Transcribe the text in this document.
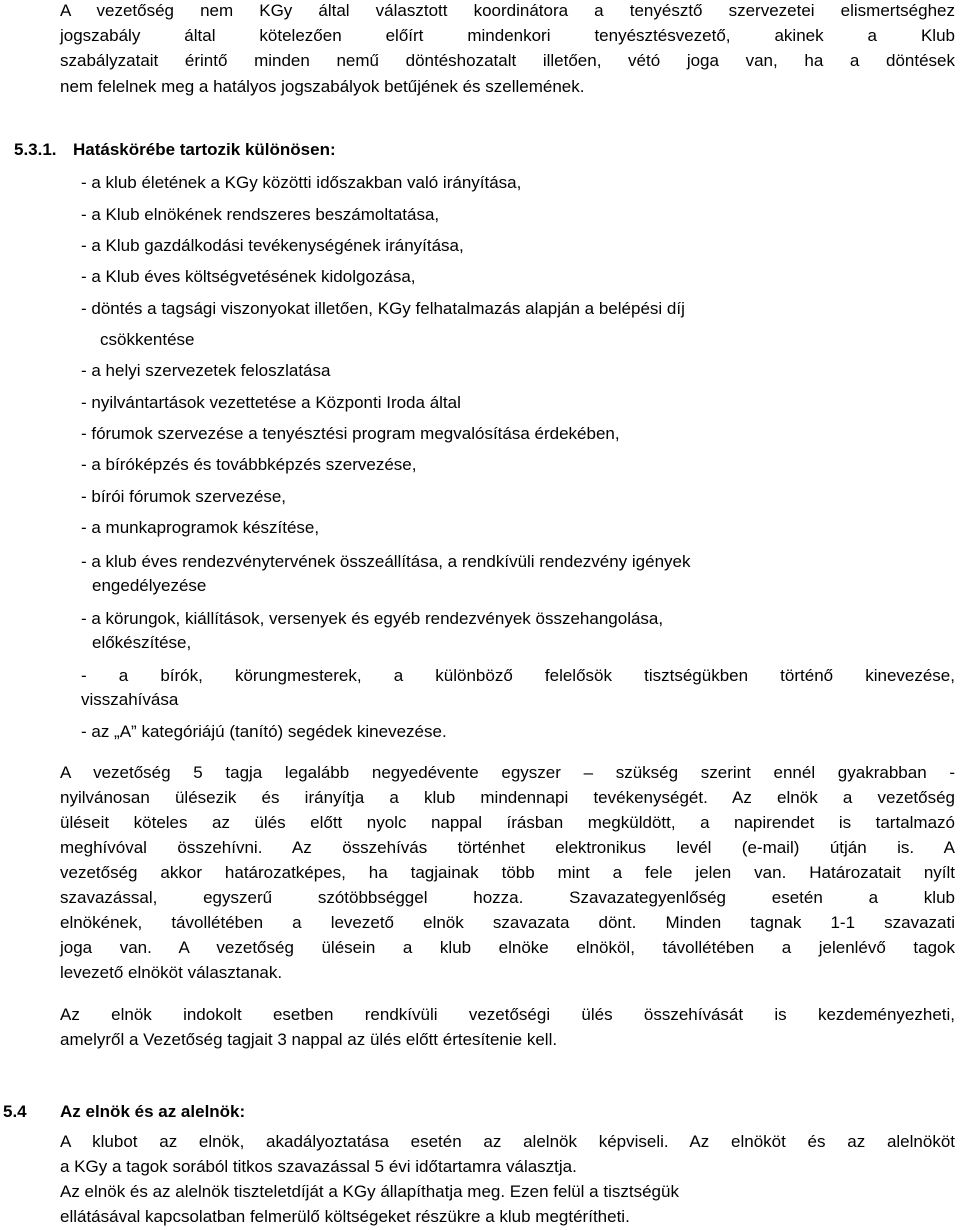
A vezetőség nem KGy által választott koordinátora a tenyésztő szervezetei elismertséghez
jogszabály által kötelezően előírt mindenkori tenyésztésvezető, akinek a Klub
szabályzatait érintő minden nemű döntéshozatalt illetően, vétó joga van, ha a döntések
nem felelnek meg a hatályos jogszabályok betűjének és szellemének.
5.3.1. Hatáskörébe tartozik különösen:
- a klub életének a KGy közötti időszakban való irányítása,
- a Klub elnökének rendszeres beszámoltatása,
- a Klub gazdálkodási tevékenységének irányítása,
- a Klub éves költségvetésének kidolgozása,
- döntés a tagsági viszonyokat illetően, KGy felhatalmazás alapján a belépési díj
csökkentése
- a helyi szervezetek feloszlatása
- nyilvántartások vezettetése a Központi Iroda által
- fórumok szervezése a tenyésztési program megvalósítása érdekében,
- a bíróképzés és továbbképzés szervezése,
- bírói fórumok szervezése,
- a munkaprogramok készítése,
- a klub éves rendezvénytervének összeállítása, a rendkívüli rendezvény igények
engedélyezése
- a körungok, kiállítások, versenyek és egyéb rendezvények összehangolása,
előkészítése,
- a bírók, körungmesterek, a különböző felelősök tisztségükben történő kinevezése,
visszahívása
- az „A” kategóriájú (tanító) segédek kinevezése.
A vezetőség 5 tagja legalább negyedévente egyszer – szükség szerint ennél gyakrabban -
nyilvánosan ülésezik és irányítja a klub mindennapi tevékenységét. Az elnök a vezetőség
üléseit köteles az ülés előtt nyolc nappal írásban megküldött, a napirendet is tartalmazó
meghívóval összehívni. Az összehívás történhet elektronikus levél (e-mail) útján is. A
vezetőség akkor határozatképes, ha tagjainak több mint a fele jelen van. Határozatait nyílt
szavazással, egyszerű szótöbbséggel hozza. Szavazategyenlőség esetén a klub
elnökének, távollétében a levezető elnök szavazata dönt. Minden tagnak 1-1 szavazati
joga van. A vezetőség ülésein a klub elnöke elnököl, távollétében a jelenlévő tagok
levezető elnököt választanak.
Az elnök indokolt esetben rendkívüli vezetőségi ülés összehívását is kezdeményezheti,
amelyről a Vezetőség tagjait 3 nappal az ülés előtt értesítenie kell.
5.4 Az elnök és az alelnök:
A klubot az elnök, akadályoztatása esetén az alelnök képviseli. Az elnököt és az alelnököt
a KGy a tagok sorából titkos szavazással 5 évi időtartamra választja.
Az elnök és az alelnök tiszteletdíját a KGy állapíthatja meg. Ezen felül a tisztségük
ellátásával kapcsolatban felmerülő költségeket részükre a klub megtérítheti.
